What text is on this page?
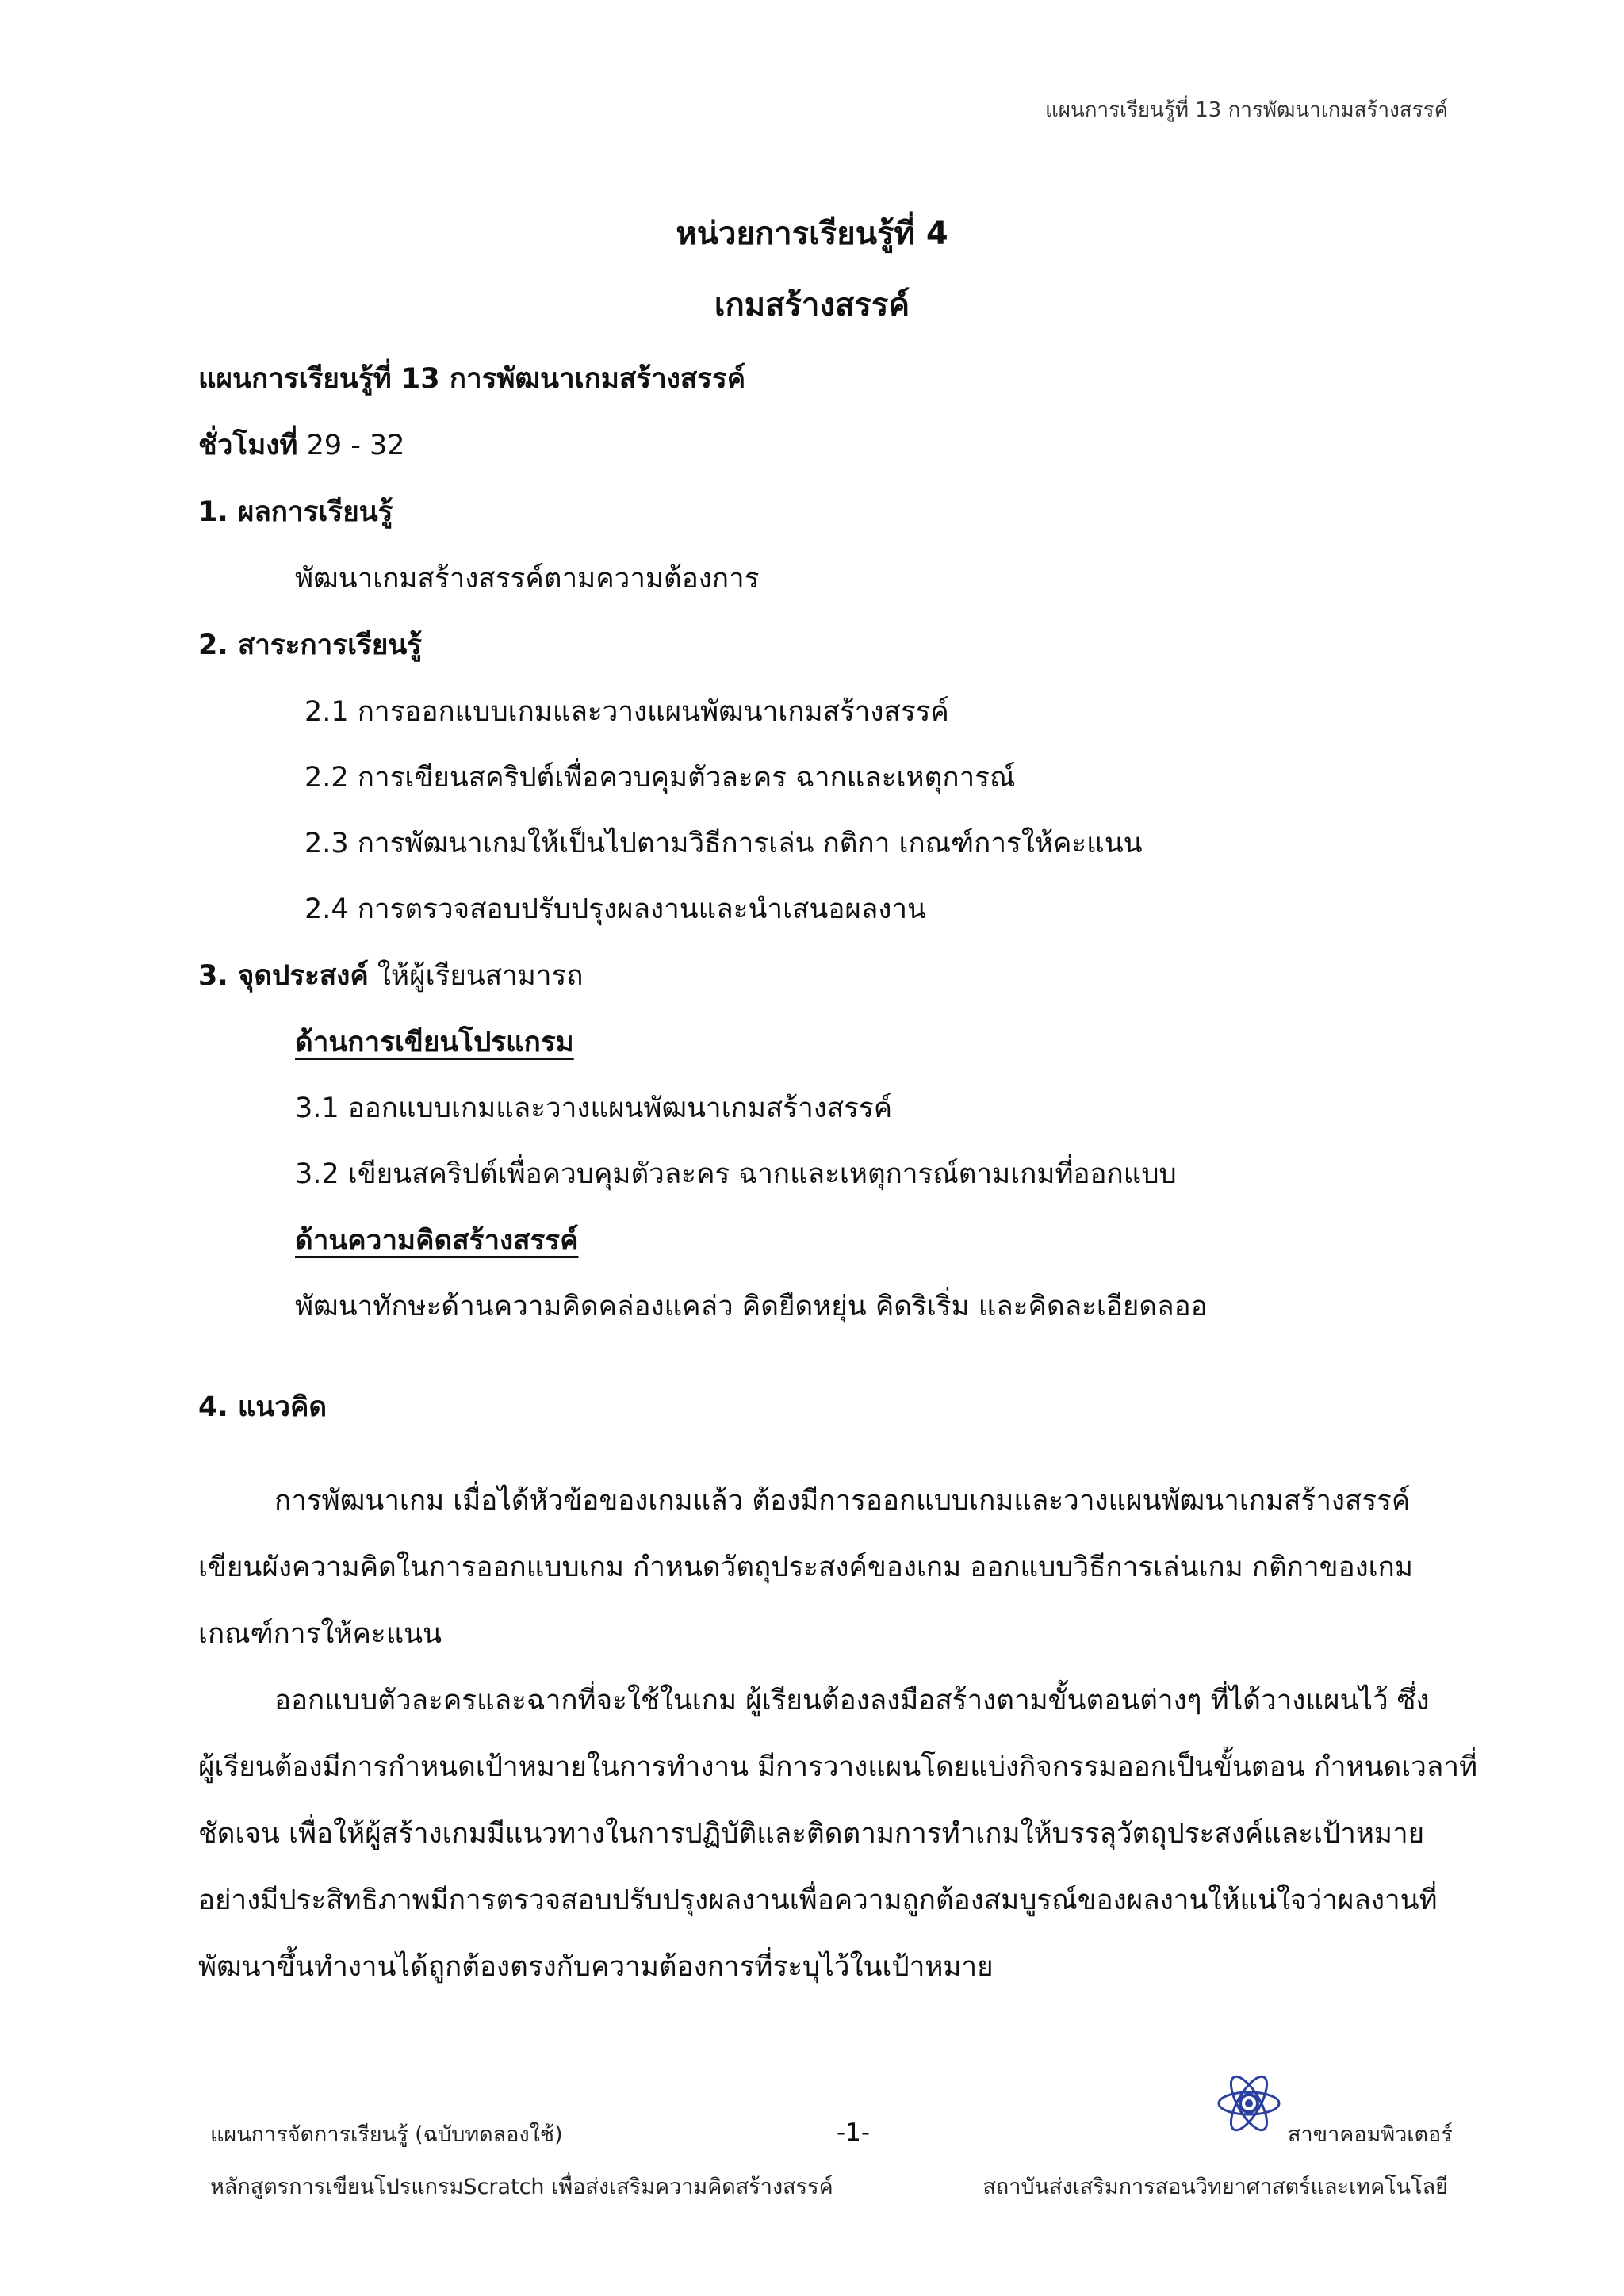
แผนการเรียนรู้ที่ 13 การพัฒนาเกมสร้างสรรค์
หน่วยการเรียนรู้ที่ 4
เกมสร้างสรรค์
แผนการเรียนรู้ที่ 13 การพัฒนาเกมสร้างสรรค์
ชั่วโมงที่ 29 - 32
1. ผลการเรียนรู้
พัฒนาเกมสร้างสรรค์ตามความต้องการ
2. สาระการเรียนรู้
2.1 การออกแบบเกมและวางแผนพัฒนาเกมสร้างสรรค์
2.2 การเขียนสคริปต์เพื่อควบคุมตัวละคร ฉากและเหตุการณ์
2.3 การพัฒนาเกมให้เป็นไปตามวิธีการเล่น กติกา เกณฑ์การให้คะแนน
2.4 การตรวจสอบปรับปรุงผลงานและนำเสนอผลงาน
3. จุดประสงค์ ให้ผู้เรียนสามารถ
ด้านการเขียนโปรแกรม
3.1 ออกแบบเกมและวางแผนพัฒนาเกมสร้างสรรค์
3.2 เขียนสคริปต์เพื่อควบคุมตัวละคร ฉากและเหตุการณ์ตามเกมที่ออกแบบ
ด้านความคิดสร้างสรรค์
พัฒนาทักษะด้านความคิดคล่องแคล่ว คิดยืดหยุ่น คิดริเริ่ม และคิดละเอียดลออ
4. แนวคิด
การพัฒนาเกม เมื่อได้หัวข้อของเกมแล้ว ต้องมีการออกแบบเกมและวางแผนพัฒนาเกมสร้างสรรค์
เขียนผังความคิดในการออกแบบเกม กำหนดวัตถุประสงค์ของเกม ออกแบบวิธีการเล่นเกม กติกาของเกม
เกณฑ์การให้คะแนน
ออกแบบตัวละครและฉากที่จะใช้ในเกม ผู้เรียนต้องลงมือสร้างตามขั้นตอนต่างๆ ที่ได้วางแผนไว้ ซึ่ง
ผู้เรียนต้องมีการกำหนดเป้าหมายในการทำงาน มีการวางแผนโดยแบ่งกิจกรรมออกเป็นขั้นตอน กำหนดเวลาที่
ชัดเจน เพื่อให้ผู้สร้างเกมมีแนวทางในการปฏิบัติและติดตามการทำเกมให้บรรลุวัตถุประสงค์และเป้าหมาย
อย่างมีประสิทธิภาพมีการตรวจสอบปรับปรุงผลงานเพื่อความถูกต้องสมบูรณ์ของผลงานให้แน่ใจว่าผลงานที่
พัฒนาขึ้นทำงานได้ถูกต้องตรงกับความต้องการที่ระบุไว้ในเป้าหมาย
แผนการจัดการเรียนรู้ (ฉบับทดลองใช้)
หลักสูตรการเขียนโปรแกรมScratch เพื่อส่งเสริมความคิดสร้างสรรค์
-1-	สาขาคอมพิวเตอร์
สถาบันส่งเสริมการสอนวิทยาศาสตร์และเทคโนโลยี
